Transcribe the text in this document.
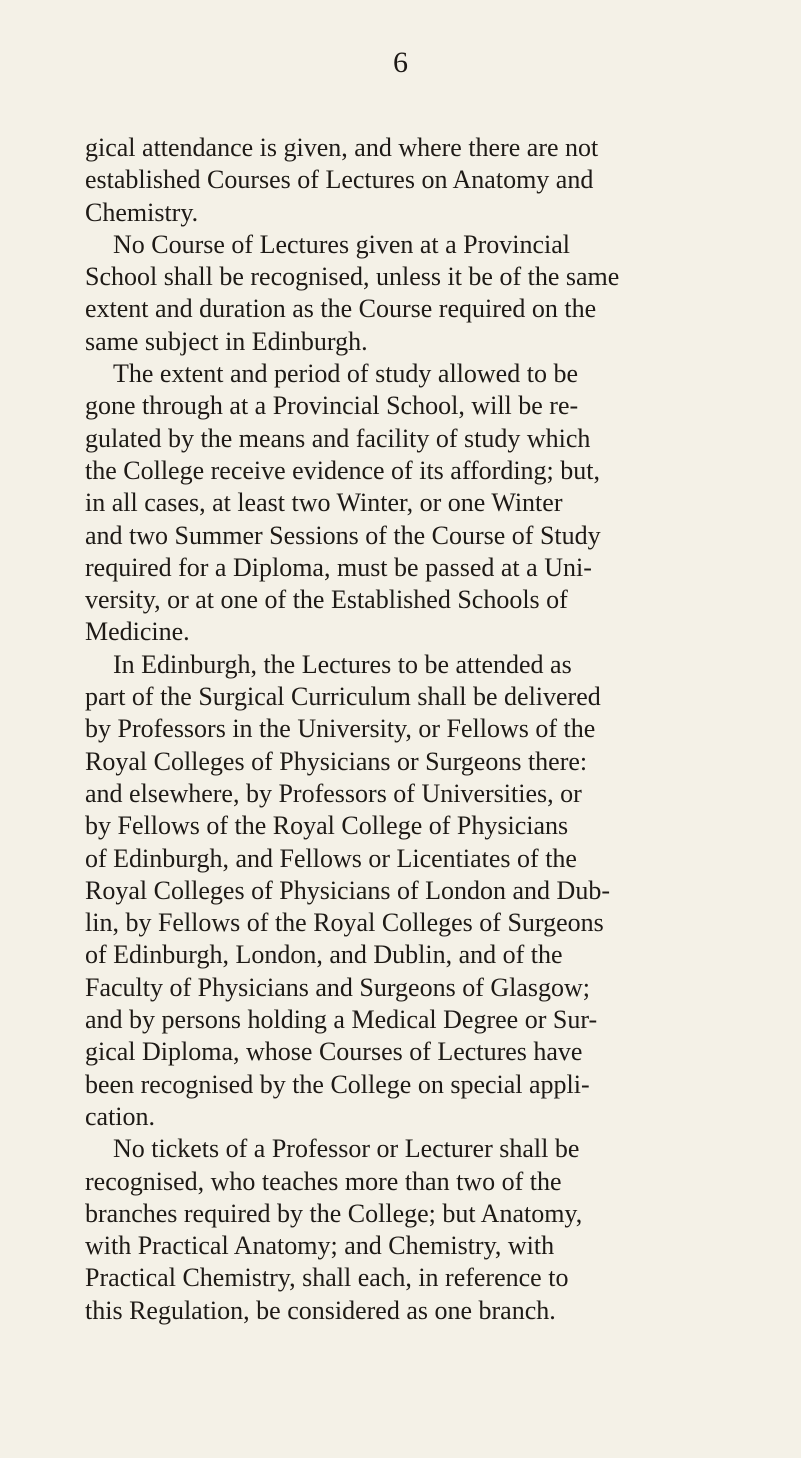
6
gical attendance is given, and where there are not
established Courses of Lectures on Anatomy and
Chemistry.
No Course of Lectures given at a Provincial
School shall be recognised, unless it be of the same
extent and duration as the Course required on the
same subject in Edinburgh.
The extent and period of study allowed to be
gone through at a Provincial School, will be re-
gulated by the means and facility of study which
the College receive evidence of its affording; but,
in all cases, at least two Winter, or one Winter
and two Summer Sessions of the Course of Study
required for a Diploma, must be passed at a Uni-
versity, or at one of the Established Schools of
Medicine.
In Edinburgh, the Lectures to be attended as
part of the Surgical Curriculum shall be delivered
by Professors in the University, or Fellows of the
Royal Colleges of Physicians or Surgeons there:
and elsewhere, by Professors of Universities, or
by Fellows of the Royal College of Physicians
of Edinburgh, and Fellows or Licentiates of the
Royal Colleges of Physicians of London and Dub-
lin, by Fellows of the Royal Colleges of Surgeons
of Edinburgh, London, and Dublin, and of the
Faculty of Physicians and Surgeons of Glasgow;
and by persons holding a Medical Degree or Sur-
gical Diploma, whose Courses of Lectures have
been recognised by the College on special appli-
cation.
No tickets of a Professor or Lecturer shall be
recognised, who teaches more than two of the
branches required by the College; but Anatomy,
with Practical Anatomy; and Chemistry, with
Practical Chemistry, shall each, in reference to
this Regulation, be considered as one branch.
